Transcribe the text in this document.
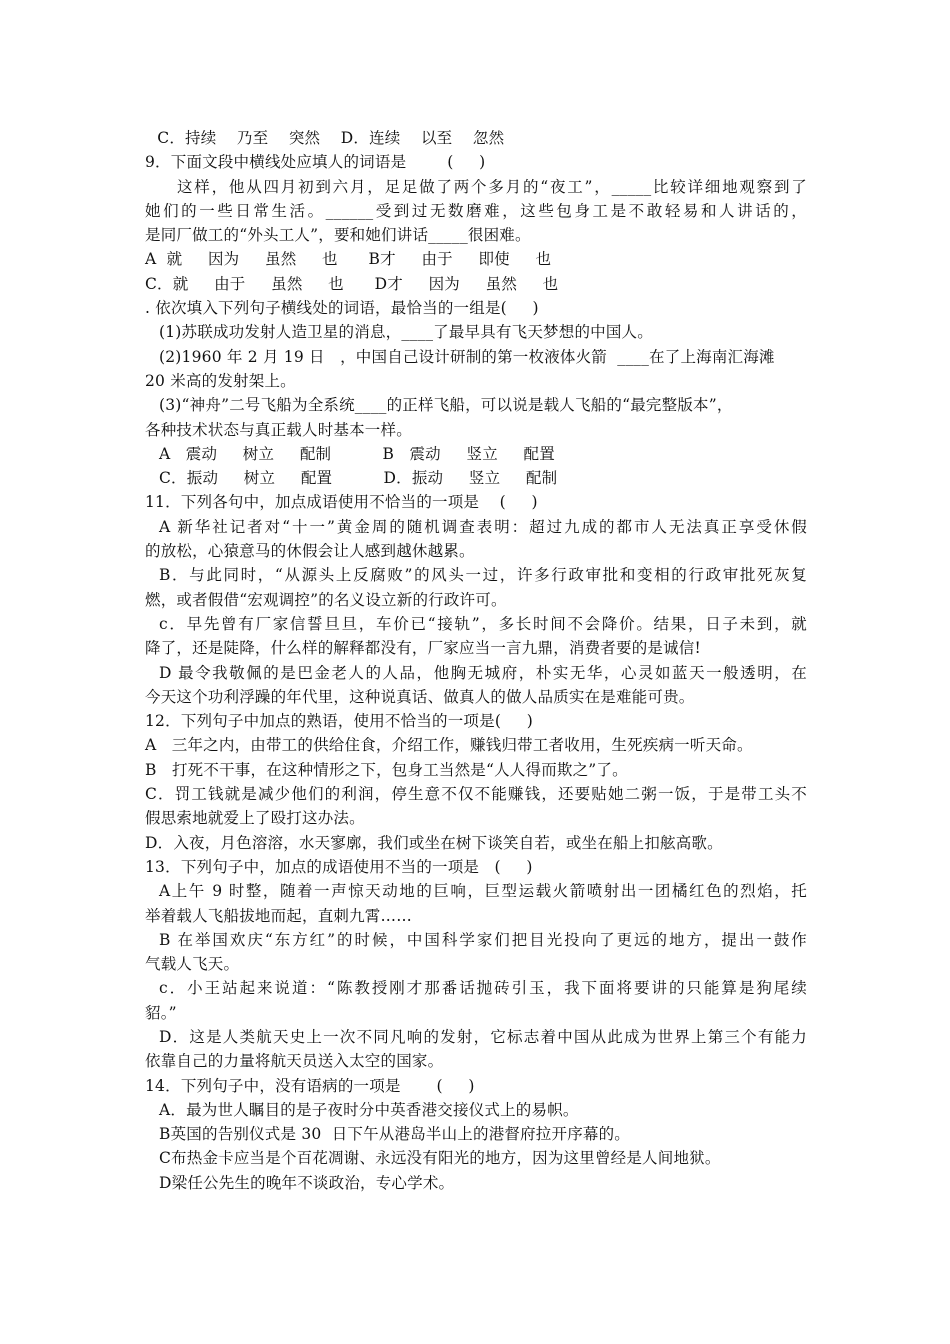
C．持续    乃至    突然    D．连续    以至    忽然
9．下面文段中横线处应填人的词语是        (     )
这样，他从四月初到六月，足足做了两个多月的“夜工”，_____比较详细地观察到了
她们的一些日常生活。______受到过无数磨难，这些包身工是不敢轻易和人讲话的，
是同厂做工的“外头工人”，要和她们讲话_____很困难。
A  就     因为     虽然     也      B才     由于     即使     也
C．就     由于     虽然     也      D才     因为     虽然     也
. 依次填入下列句子横线处的词语，最恰当的一组是(     )
(1)苏联成功发射人造卫星的消息，____了最早具有飞天梦想的中国人。
(2)1960 年 2 月 19 日   ，中国自己设计研制的第一枚液体火箭  ____在了上海南汇海滩
20 米高的发射架上。
(3)“神舟”二号飞船为全系统____的正样飞船，可以说是载人飞船的“最完整版本”，
各种技术状态与真正载人时基本一样。
A   震动     树立     配制          B   震动     竖立     配置
C．振动     树立     配置          D．振动     竖立     配制
11．下列各句中，加点成语使用不恰当的一项是    (     )
A 新华社记者对“十一”黄金周的随机调查表明：超过九成的都市人无法真正享受休假
的放松，心猿意马的休假会让人感到越休越累。
B．与此同时，“从源头上反腐败”的风头一过，许多行政审批和变相的行政审批死灰复
燃，或者假借“宏观调控”的名义设立新的行政许可。
c．早先曾有厂家信誓旦旦，车价已“接轨”，多长时间不会降价。结果，日子未到，就
降了，还是陡降，什么样的解释都没有，厂家应当一言九鼎，消费者要的是诚信!
D 最令我敬佩的是巴金老人的人品，他胸无城府，朴实无华，心灵如蓝天一般透明，在
今天这个功利浮躁的年代里，这种说真话、做真人的做人品质实在是难能可贵。
12．下列句子中加点的熟语，使用不恰当的一项是(     )
A   三年之内，由带工的供给住食，介绍工作，赚钱归带工者收用，生死疾病一听天命。
B   打死不干事，在这种情形之下，包身工当然是“人人得而欺之”了。
C．罚工钱就是减少他们的利润，停生意不仅不能赚钱，还要贴她二粥一饭，于是带工头不
假思索地就爱上了殴打这办法。
D．入夜，月色溶溶，水天寥廓，我们或坐在树下谈笑自若，或坐在船上扣舷高歌。
13．下列句子中，加点的成语使用不当的一项是   (     )
A上午 9 时整，随着一声惊天动地的巨响，巨型运载火箭喷射出一团橘红色的烈焰，托
举着载人飞船拔地而起，直刺九霄……
B 在举国欢庆“东方红”的时候，中国科学家们把目光投向了更远的地方，提出一鼓作
气载人飞天。
c．小王站起来说道：“陈教授刚才那番话抛砖引玉，我下面将要讲的只能算是狗尾续
貂。”
D．这是人类航天史上一次不同凡响的发射，它标志着中国从此成为世界上第三个有能力
依靠自己的力量将航天员送入太空的国家。
14．下列句子中，没有语病的一项是       (     )
A．最为世人瞩目的是子夜时分中英香港交接仪式上的易帜。
B英国的告别仪式是 30  日下午从港岛半山上的港督府拉开序幕的。
C布热金卡应当是个百花凋谢、永远没有阳光的地方，因为这里曾经是人间地狱。
D梁任公先生的晚年不谈政治，专心学术。
